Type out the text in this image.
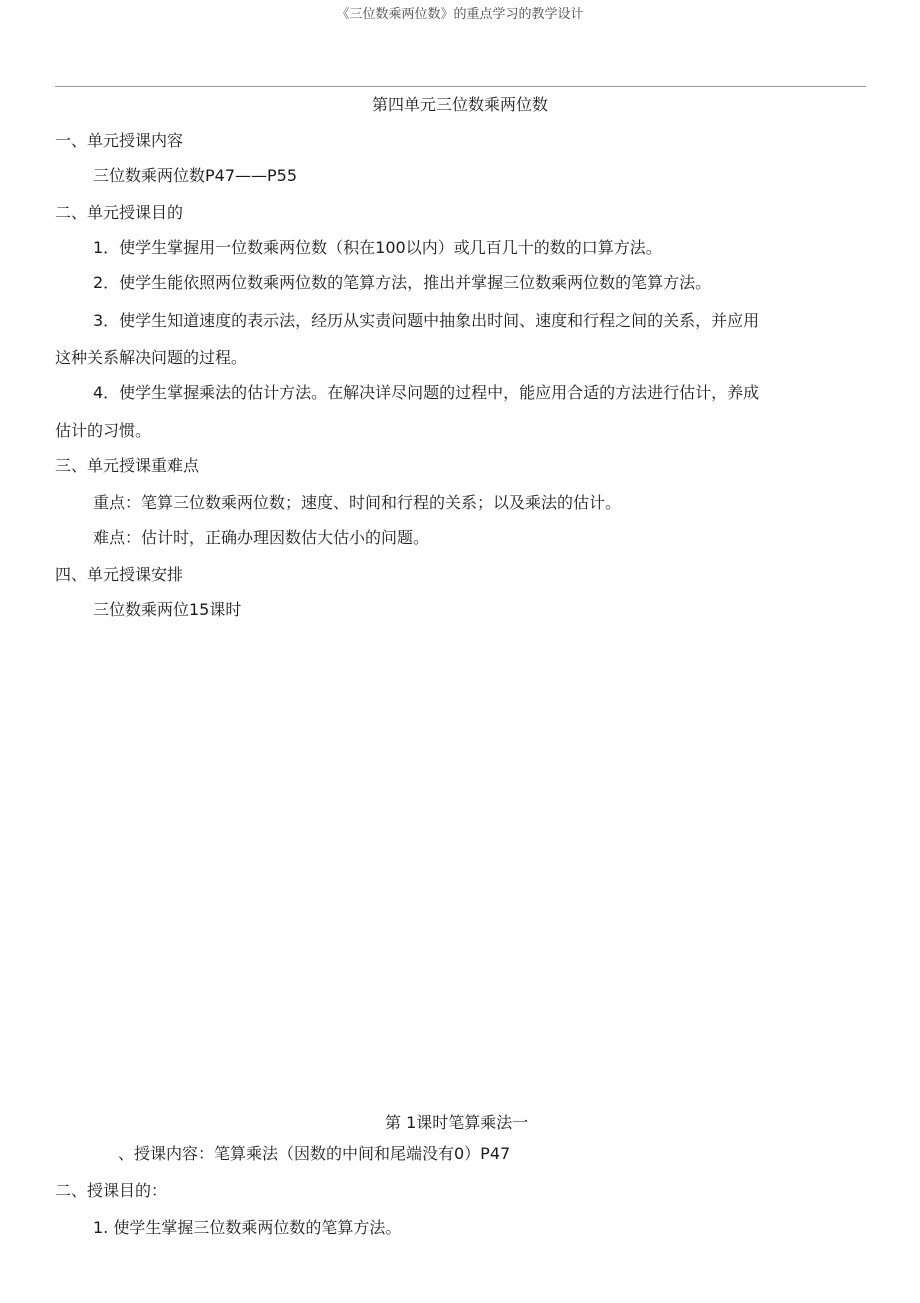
《三位数乘两位数》的重点学习的教学设计
第四单元三位数乘两位数
一、单元授课内容
三位数乘两位数P47——P55
二、单元授课目的
1．使学生掌握用一位数乘两位数（积在100以内）或几百几十的数的口算方法。
2．使学生能依照两位数乘两位数的笔算方法，推出并掌握三位数乘两位数的笔算方法。
3．使学生知道速度的表示法，经历从实责问题中抽象出时间、速度和行程之间的关系，并应用
这种关系解决问题的过程。
4．使学生掌握乘法的估计方法。在解决详尽问题的过程中，能应用合适的方法进行估计，养成
估计的习惯。
三、单元授课重难点
重点：笔算三位数乘两位数；速度、时间和行程的关系；以及乘法的估计。
难点：估计时，正确办理因数估大估小的问题。
四、单元授课安排
三位数乘两位15课时
第 1课时笔算乘法一
、授课内容：笔算乘法（因数的中间和尾端没有0）P47
二、授课目的：
1. 使学生掌握三位数乘两位数的笔算方法。
